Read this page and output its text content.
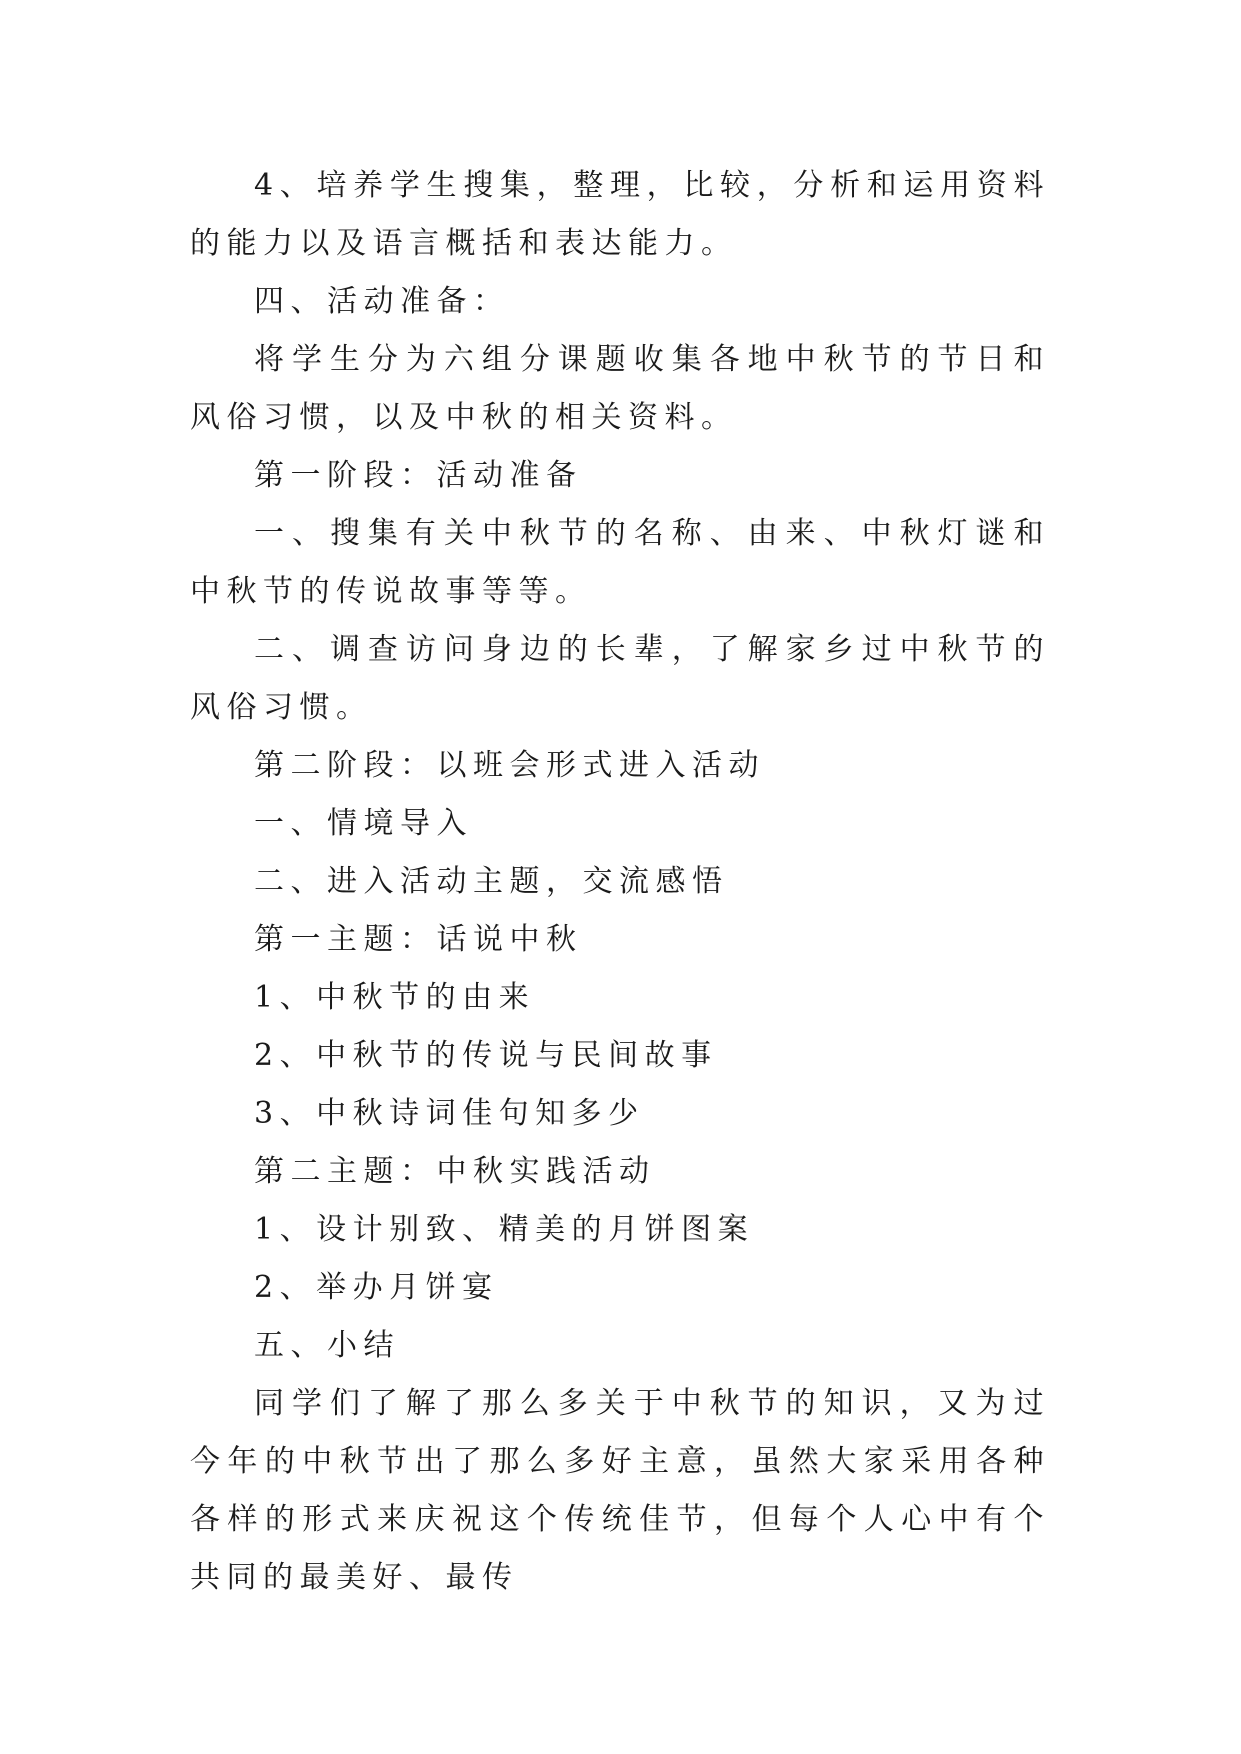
4、培养学生搜集，整理，比较，分析和运用资料的能力以及语言概括和表达能力。

四、活动准备：

将学生分为六组分课题收集各地中秋节的节日和风俗习惯，以及中秋的相关资料。

第一阶段：活动准备

一、搜集有关中秋节的名称、由来、中秋灯谜和中秋节的传说故事等等。

二、调查访问身边的长辈，了解家乡过中秋节的风俗习惯。

第二阶段：以班会形式进入活动

一、情境导入

二、进入活动主题，交流感悟

第一主题：话说中秋

1、中秋节的由来

2、中秋节的传说与民间故事

3、中秋诗词佳句知多少

第二主题：中秋实践活动

1、设计别致、精美的月饼图案

2、举办月饼宴

五、小结

同学们了解了那么多关于中秋节的知识，又为过今年的中秋节出了那么多好主意，虽然大家采用各种各样的形式来庆祝这个传统佳节，但每个人心中有个共同的最美好、最传
